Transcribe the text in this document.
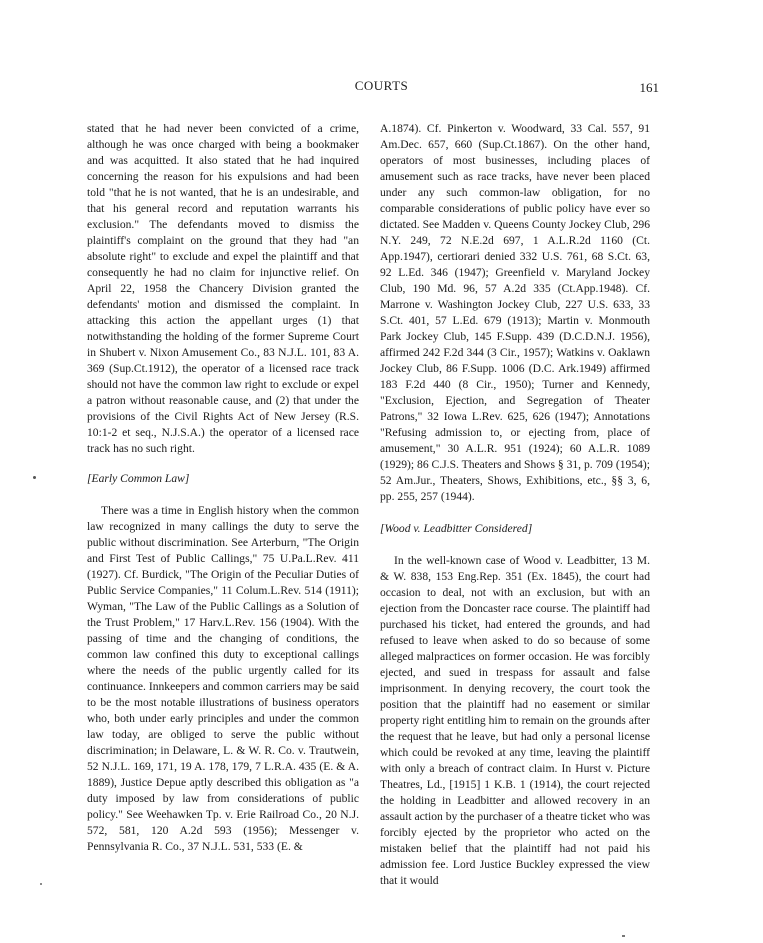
COURTS	161

stated that he had never been convicted of a crime, although he was once charged with being a bookmaker and was acquitted. It also stated that he had inquired concerning the reason for his expulsions and had been told "that he is not wanted, that he is an undesirable, and that his general record and reputation warrants his exclusion." The defendants moved to dismiss the plaintiff's complaint on the ground that they had "an absolute right" to exclude and expel the plaintiff and that consequently he had no claim for injunctive relief. On April 22, 1958 the Chancery Division granted the defendants' motion and dismissed the complaint. In attacking this action the appellant urges (1) that notwithstanding the holding of the former Supreme Court in Shubert v. Nixon Amusement Co., 83 N.J.L. 101, 83 A. 369 (Sup.Ct.1912), the operator of a licensed race track should not have the common law right to exclude or expel a patron without reasonable cause, and (2) that under the provisions of the Civil Rights Act of New Jersey (R.S. 10:1-2 et seq., N.J.S.A.) the operator of a licensed race track has no such right.

[Early Common Law]

There was a time in English history when the common law recognized in many callings the duty to serve the public without discrimination. See Arterburn, "The Origin and First Test of Public Callings," 75 U.Pa.L.Rev. 411 (1927). Cf. Burdick, "The Origin of the Peculiar Duties of Public Service Companies," 11 Colum.L.Rev. 514 (1911); Wyman, "The Law of the Public Callings as a Solution of the Trust Problem," 17 Harv.L.Rev. 156 (1904). With the passing of time and the changing of conditions, the common law confined this duty to exceptional callings where the needs of the public urgently called for its continuance. Innkeepers and common carriers may be said to be the most notable illustrations of business operators who, both under early principles and under the common law today, are obliged to serve the public without discrimination; in Delaware, L. & W. R. Co. v. Trautwein, 52 N.J.L. 169, 171, 19 A. 178, 179, 7 L.R.A. 435 (E. & A. 1889), Justice Depue aptly described this obligation as "a duty imposed by law from considerations of public policy." See Weehawken Tp. v. Erie Railroad Co., 20 N.J. 572, 581, 120 A.2d 593 (1956); Messenger v. Pennsylvania R. Co., 37 N.J.L. 531, 533 (E. &

A.1874). Cf. Pinkerton v. Woodward, 33 Cal. 557, 91 Am.Dec. 657, 660 (Sup.Ct.1867). On the other hand, operators of most businesses, including places of amusement such as race tracks, have never been placed under any such common-law obligation, for no comparable considerations of public policy have ever so dictated. See Madden v. Queens County Jockey Club, 296 N.Y. 249, 72 N.E.2d 697, 1 A.L.R.2d 1160 (Ct. App.1947), certiorari denied 332 U.S. 761, 68 S.Ct. 63, 92 L.Ed. 346 (1947); Greenfield v. Maryland Jockey Club, 190 Md. 96, 57 A.2d 335 (Ct.App.1948). Cf. Marrone v. Washington Jockey Club, 227 U.S. 633, 33 S.Ct. 401, 57 L.Ed. 679 (1913); Martin v. Monmouth Park Jockey Club, 145 F.Supp. 439 (D.C.D.N.J. 1956), affirmed 242 F.2d 344 (3 Cir., 1957); Watkins v. Oaklawn Jockey Club, 86 F.Supp. 1006 (D.C. Ark.1949) affirmed 183 F.2d 440 (8 Cir., 1950); Turner and Kennedy, "Exclusion, Ejection, and Segregation of Theater Patrons," 32 Iowa L.Rev. 625, 626 (1947); Annotations "Refusing admission to, or ejecting from, place of amusement," 30 A.L.R. 951 (1924); 60 A.L.R. 1089 (1929); 86 C.J.S. Theaters and Shows § 31, p. 709 (1954); 52 Am.Jur., Theaters, Shows, Exhibitions, etc., §§ 3, 6, pp. 255, 257 (1944).

[Wood v. Leadbitter Considered]

In the well-known case of Wood v. Leadbitter, 13 M. & W. 838, 153 Eng.Rep. 351 (Ex. 1845), the court had occasion to deal, not with an exclusion, but with an ejection from the Doncaster race course. The plaintiff had purchased his ticket, had entered the grounds, and had refused to leave when asked to do so because of some alleged malpractices on former occasion. He was forcibly ejected, and sued in trespass for assault and false imprisonment. In denying recovery, the court took the position that the plaintiff had no easement or similar property right entitling him to remain on the grounds after the request that he leave, but had only a personal license which could be revoked at any time, leaving the plaintiff with only a breach of contract claim. In Hurst v. Picture Theatres, Ld., [1915] 1 K.B. 1 (1914), the court rejected the holding in Leadbitter and allowed recovery in an assault action by the purchaser of a theatre ticket who was forcibly ejected by the proprietor who acted on the mistaken belief that the plaintiff had not paid his admission fee. Lord Justice Buckley expressed the view that it would
